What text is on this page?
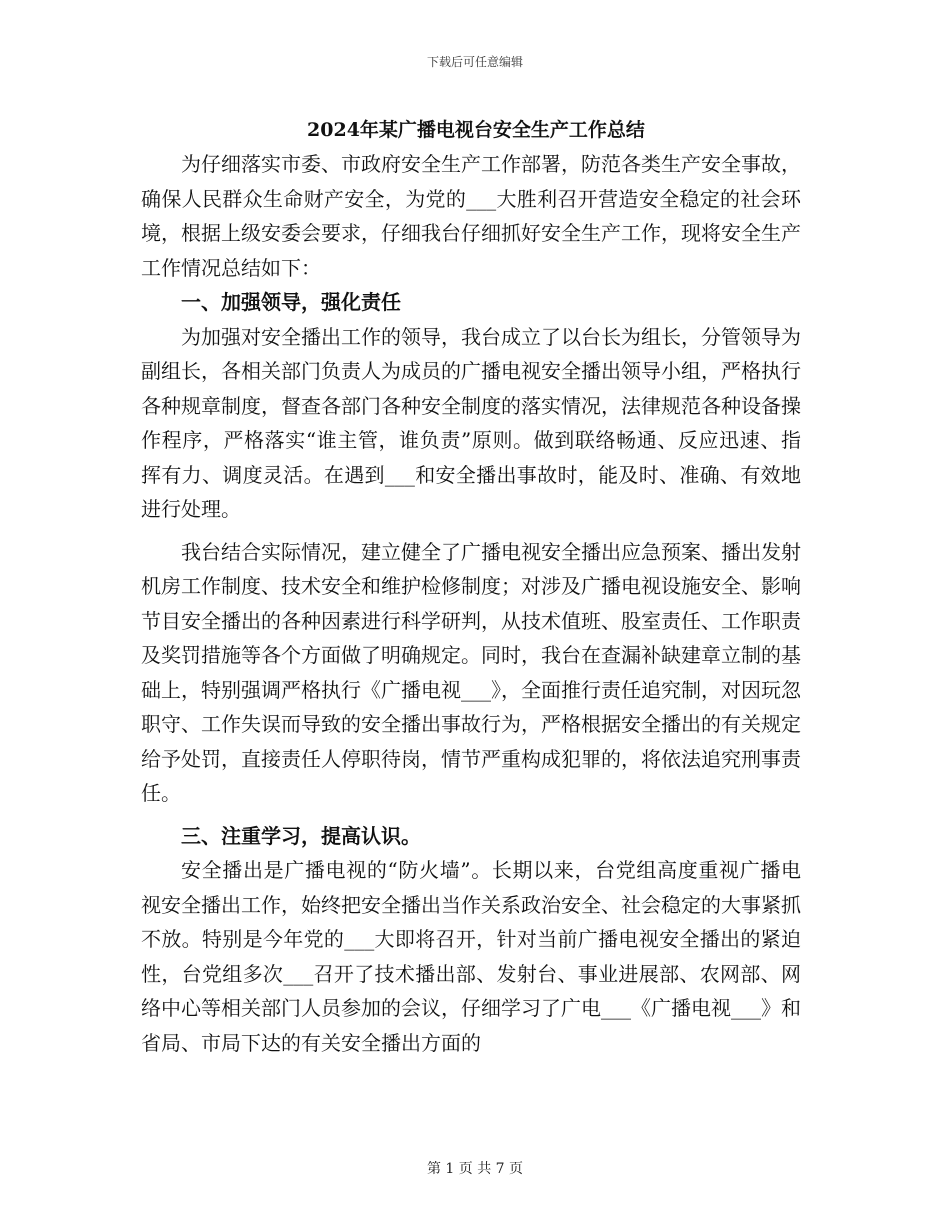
下载后可任意编辑
2024年某广播电视台安全生产工作总结

为仔细落实市委、市政府安全生产工作部署，防范各类生产安全事故，确保人民群众生命财产安全，为党的___大胜利召开营造安全稳定的社会环境，根据上级安委会要求，仔细我台仔细抓好安全生产工作，现将安全生产工作情况总结如下：

一、加强领导，强化责任

为加强对安全播出工作的领导，我台成立了以台长为组长，分管领导为副组长，各相关部门负责人为成员的广播电视安全播出领导小组，严格执行各种规章制度，督查各部门各种安全制度的落实情况，法律规范各种设备操作程序，严格落实“谁主管，谁负责”原则。做到联络畅通、反应迅速、指挥有力、调度灵活。在遇到___和安全播出事故时，能及时、准确、有效地进行处理。

我台结合实际情况，建立健全了广播电视安全播出应急预案、播出发射机房工作制度、技术安全和维护检修制度；对涉及广播电视设施安全、影响节目安全播出的各种因素进行科学研判，从技术值班、股室责任、工作职责及奖罚措施等各个方面做了明确规定。同时，我台在查漏补缺建章立制的基础上，特别强调严格执行《广播电视___》，全面推行责任追究制，对因玩忽职守、工作失误而导致的安全播出事故行为，严格根据安全播出的有关规定给予处罚，直接责任人停职待岗，情节严重构成犯罪的，将依法追究刑事责任。

三、注重学习，提高认识。

安全播出是广播电视的“防火墙”。长期以来，台党组高度重视广播电视安全播出工作，始终把安全播出当作关系政治安全、社会稳定的大事紧抓不放。特别是今年党的___大即将召开，针对当前广播电视安全播出的紧迫性，台党组多次___召开了技术播出部、发射台、事业进展部、农网部、网络中心等相关部门人员参加的会议，仔细学习了广电___《广播电视___》和省局、市局下达的有关安全播出方面的

第 1 页 共 7 页
